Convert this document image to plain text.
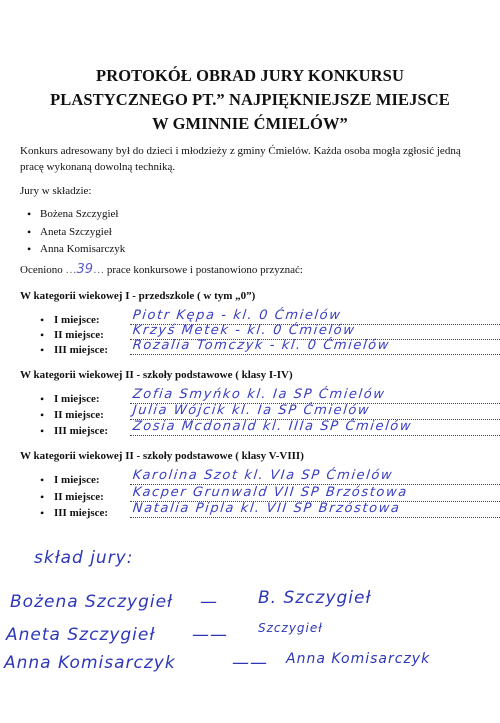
PROTOKÓŁ OBRAD JURY KONKURSU
PLASTYCZNEGO PT.” NAJPIĘKNIEJSZE MIEJSCE
W GMINNIE ĆMIELÓW”
Konkurs adresowany był do dzieci i młodzieży z gminy Ćmielów. Każda osoba mogła zgłosić jedną pracę wykonaną dowolną techniką.
Jury w składzie:
• Bożena Szczygieł
• Aneta Szczygieł
• Anna Komisarczyk
Oceniono …39… prace konkursowe i postanowiono przyznać:
W kategorii wiekowej I - przedszkole ( w tym „0”)
• I miejsce: Piotr Kępa - kl. 0 Ćmielów
• II miejsce: Krzyś Metek - kl. 0 Ćmielów
• III miejsce: Rozalia Tomczyk - kl. 0 Ćmielów
W kategorii wiekowej II - szkoły podstawowe ( klasy I-IV)
• I miejsce: Zofia Smyńko kl. Ia SP Ćmielów
• II miejsce: Julia Wójcik kl. Ia SP Ćmielów
• III miejsce: Zosia Mcdonald kl. IIIa SP Ćmielów
W kategorii wiekowej II - szkoły podstawowe ( klasy V-VIII)
• I miejsce: Karolina Szot kl. VIa SP Ćmielów
• II miejsce: Kacper Grunwald VII SP Brzóstowa
• III miejsce: Natalia Pipla kl. VII SP Brzóstowa
skład jury:
Bożena Szczygieł — B. Szczygieł
Aneta Szczygieł ——	Szczygieł
Anna Komisarczyk	—— Anna Komisarczyk
